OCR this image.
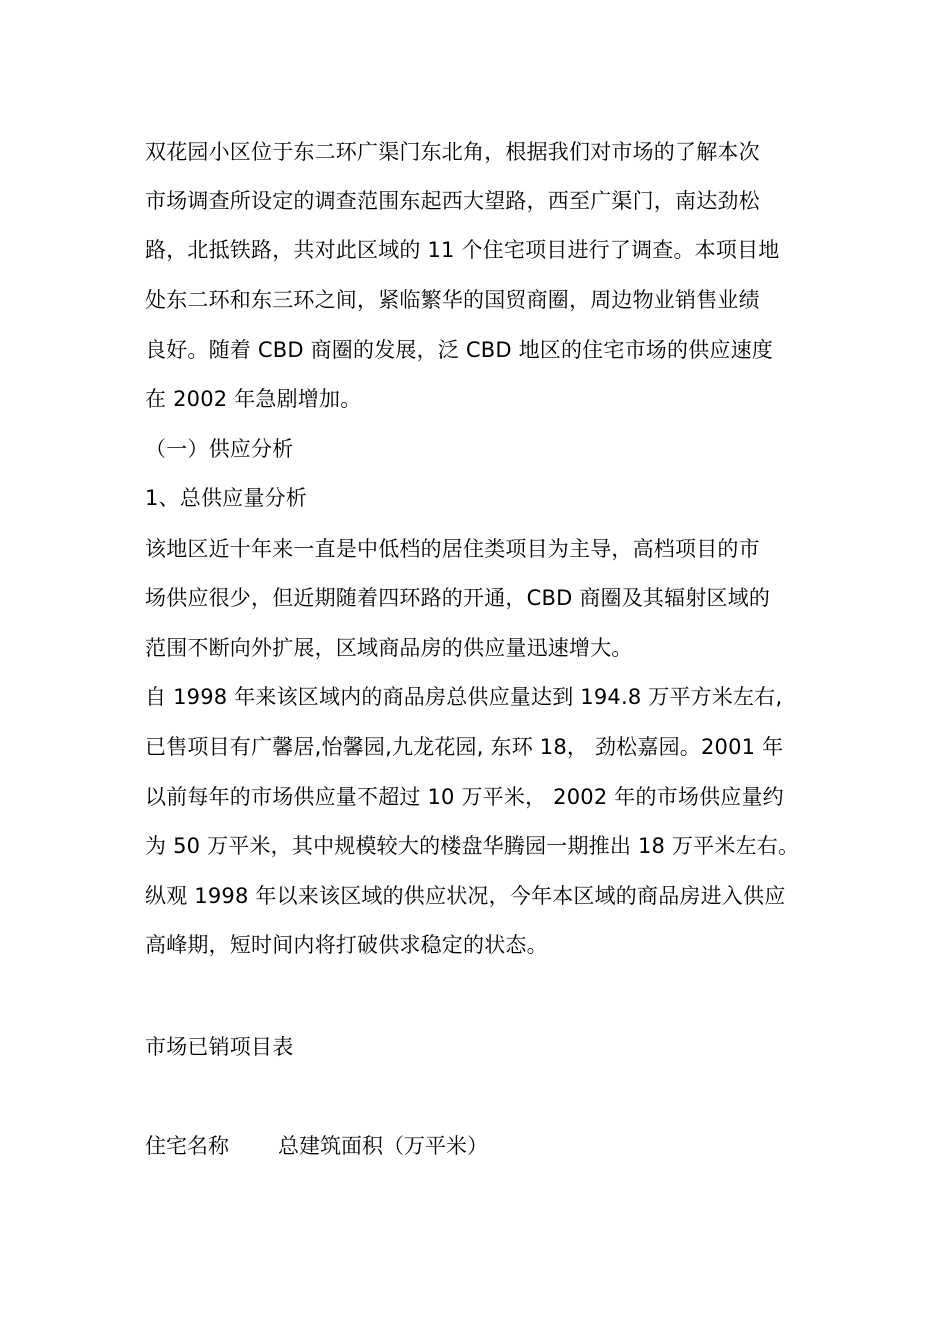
双花园小区位于东二环广渠门东北角，根据我们对市场的了解本次
市场调查所设定的调查范围东起西大望路，西至广渠门，南达劲松
路，北抵铁路，共对此区域的 11 个住宅项目进行了调查。本项目地
处东二环和东三环之间，紧临繁华的国贸商圈，周边物业销售业绩
良好。随着 CBD 商圈的发展，泛 CBD 地区的住宅市场的供应速度
在 2002 年急剧增加。
（一）供应分析
1、总供应量分析
该地区近十年来一直是中低档的居住类项目为主导，高档项目的市
场供应很少，但近期随着四环路的开通，CBD 商圈及其辐射区域的
范围不断向外扩展，区域商品房的供应量迅速增大。
自 1998 年来该区域内的商品房总供应量达到 194.8 万平方米左右,
已售项目有广馨居,怡馨园,九龙花园, 东环 18， 劲松嘉园。2001 年
以前每年的市场供应量不超过 10 万平米， 2002 年的市场供应量约
为 50 万平米，其中规模较大的楼盘华腾园一期推出 18 万平米左右。
纵观 1998 年以来该区域的供应状况，今年本区域的商品房进入供应
高峰期，短时间内将打破供求稳定的状态。
市场已销项目表
住宅名称 总建筑面积（万平米）
